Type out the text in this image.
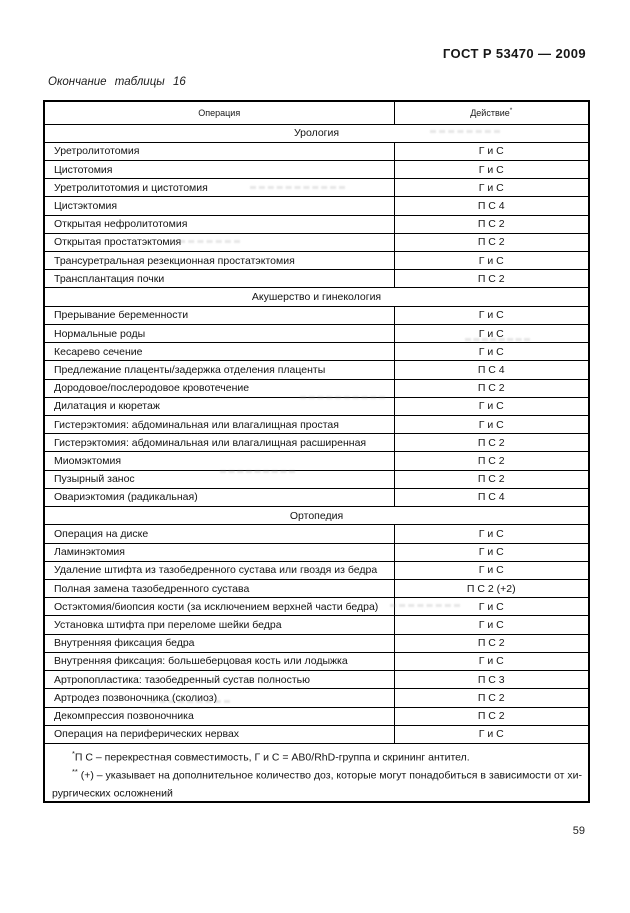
ГОСТ Р 53470 — 2009
Окончание таблицы 16
Операция	Действие*
Урология	
Уретролитотомия	Г и С
Цистотомия	Г и С
Уретролитотомия и цистотомия	Г и С
Цистэктомия	П С 4
Открытая нефролитотомия	П С 2
Открытая простатэктомия	П С 2
Трансуретральная резекционная простатэктомия	Г и С
Трансплантация почки	П С 2
Акушерство и гинекология	
Прерывание беременности	Г и С
Нормальные роды	Г и С
Кесарево сечение	Г и С
Предлежание плаценты/задержка отделения плаценты	П С 4
Дородовое/послеродовое кровотечение	П С 2
Дилатация и кюретаж	Г и С
Гистерэктомия: абдоминальная или влагалищная простая	Г и С
Гистерэктомия: абдоминальная или влагалищная расширенная	П С 2
Миомэктомия	П С 2
Пузырный занос	П С 2
Овариэктомия (радикальная)	П С 4
Ортопедия	
Операция на диске	Г и С
Ламинэктомия	Г и С
Удаление штифта из тазобедренного сустава или гвоздя из бедра	Г и С
Полная замена тазобедренного сустава	П С 2 (+2)
Остэктомия/биопсия кости (за исключением верхней части бедра)	Г и С
Установка штифта при переломе шейки бедра	Г и С
Внутренняя фиксация бедра	П С 2
Внутренняя фиксация: большеберцовая кость или лодыжка	Г и С
Артропопластика: тазобедренный сустав полностью	П С 3
Артродез позвоночника (сколиоз)	П С 2
Декомпрессия позвоночника	П С 2
Операция на периферических нервах	Г и С

*П С – перекрестная совместимость, Г и С = АВ0/RhD-группа и скрининг антител.
** (+) – указывает на дополнительное количество доз, которые могут понадобиться в зависимости от хи-
рургических осложнений	
59
